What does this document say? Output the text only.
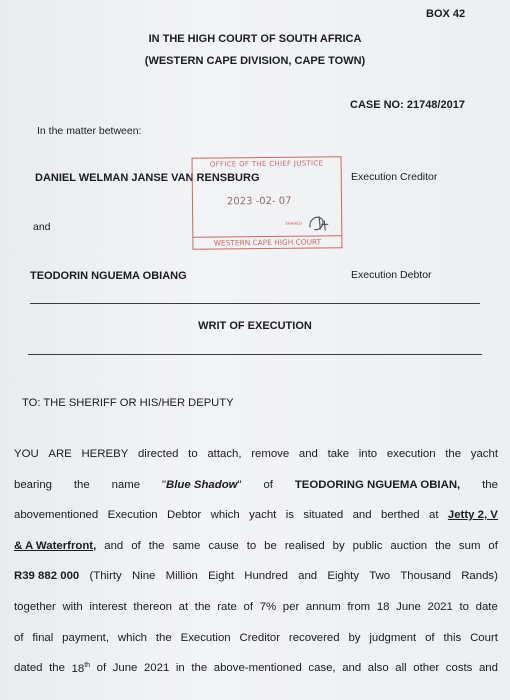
BOX 42
IN THE HIGH COURT OF SOUTH AFRICA
(WESTERN CAPE DIVISION, CAPE TOWN)
CASE NO: 21748/2017
In the matter between:
DANIEL WELMAN JANSE VAN RENSBURG	Execution Creditor
and
TEODORIN NGUEMA OBIANG	Execution Debtor
OFFICE OF THE CHIEF JUSTICE
2023 -02- 07
SHARED
WESTERN CAPE HIGH COURT
WRIT OF EXECUTION
TO: THE SHERIFF OR HIS/HER DEPUTY
YOU ARE HEREBY directed to attach, remove and take into execution the yacht
bearing the name "Blue Shadow" of TEODORING NGUEMA OBIAN, the
abovementioned Execution Debtor which yacht is situated and berthed at Jetty 2, V
& A Waterfront, and of the same cause to be realised by public auction the sum of
R39 882 000 (Thirty Nine Million Eight Hundred and Eighty Two Thousand Rands)
together with interest thereon at the rate of 7% per annum from 18 June 2021 to date
of final payment, which the Execution Creditor recovered by judgment of this Court
dated the 18th of June 2021 in the above-mentioned case, and also all other costs and
